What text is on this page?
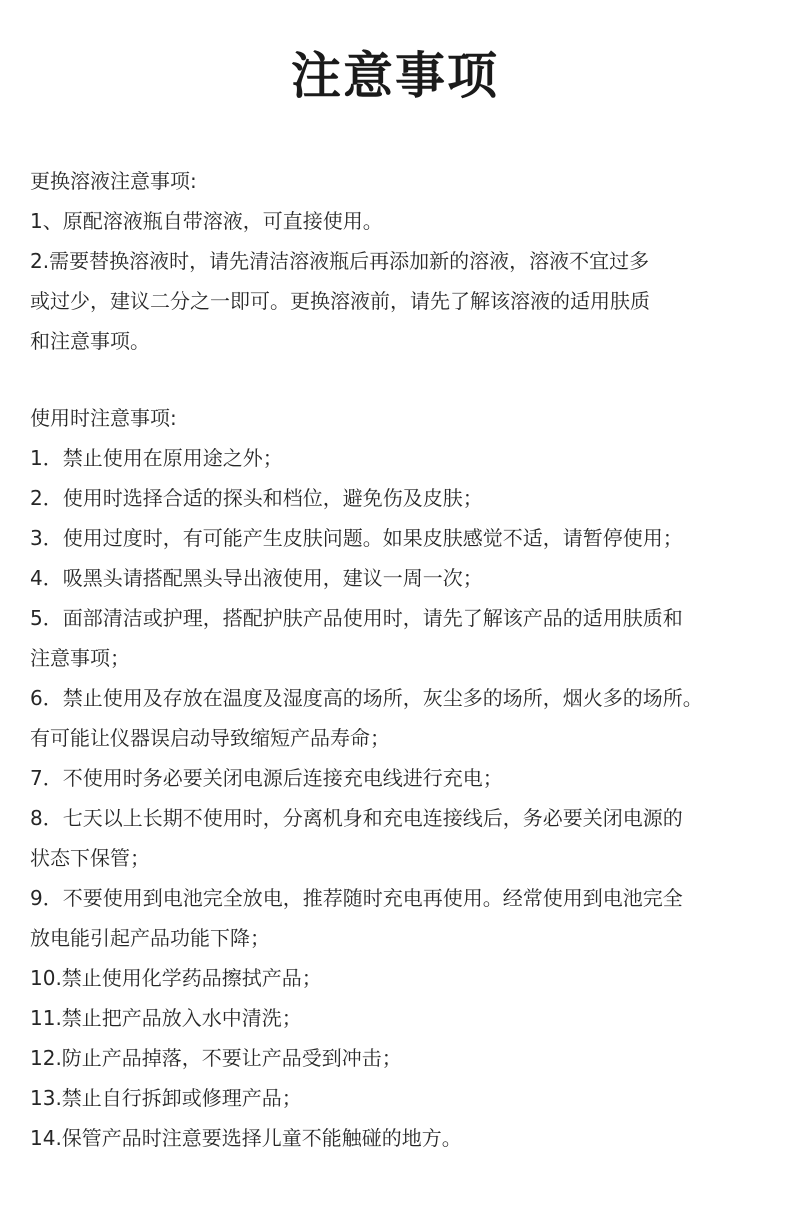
注意事项
更换溶液注意事项:
1、原配溶液瓶自带溶液，可直接使用。
2.需要替换溶液时，请先清洁溶液瓶后再添加新的溶液，溶液不宜过多
或过少，建议二分之一即可。更换溶液前，请先了解该溶液的适用肤质
和注意事项。
使用时注意事项:
1．禁止使用在原用途之外；
2．使用时选择合适的探头和档位，避免伤及皮肤；
3．使用过度时，有可能产生皮肤问题。如果皮肤感觉不适，请暂停使用；
4．吸黑头请搭配黑头导出液使用，建议一周一次；
5．面部清洁或护理，搭配护肤产品使用时，请先了解该产品的适用肤质和
注意事项；
6．禁止使用及存放在温度及湿度高的场所，灰尘多的场所，烟火多的场所。
有可能让仪器误启动导致缩短产品寿命；
7．不使用时务必要关闭电源后连接充电线进行充电；
8．七天以上长期不使用时，分离机身和充电连接线后，务必要关闭电源的
状态下保管；
9．不要使用到电池完全放电，推荐随时充电再使用。经常使用到电池完全
放电能引起产品功能下降；
10.禁止使用化学药品擦拭产品；
11.禁止把产品放入水中清洗；
12.防止产品掉落，不要让产品受到冲击；
13.禁止自行拆卸或修理产品；
14.保管产品时注意要选择儿童不能触碰的地方。
